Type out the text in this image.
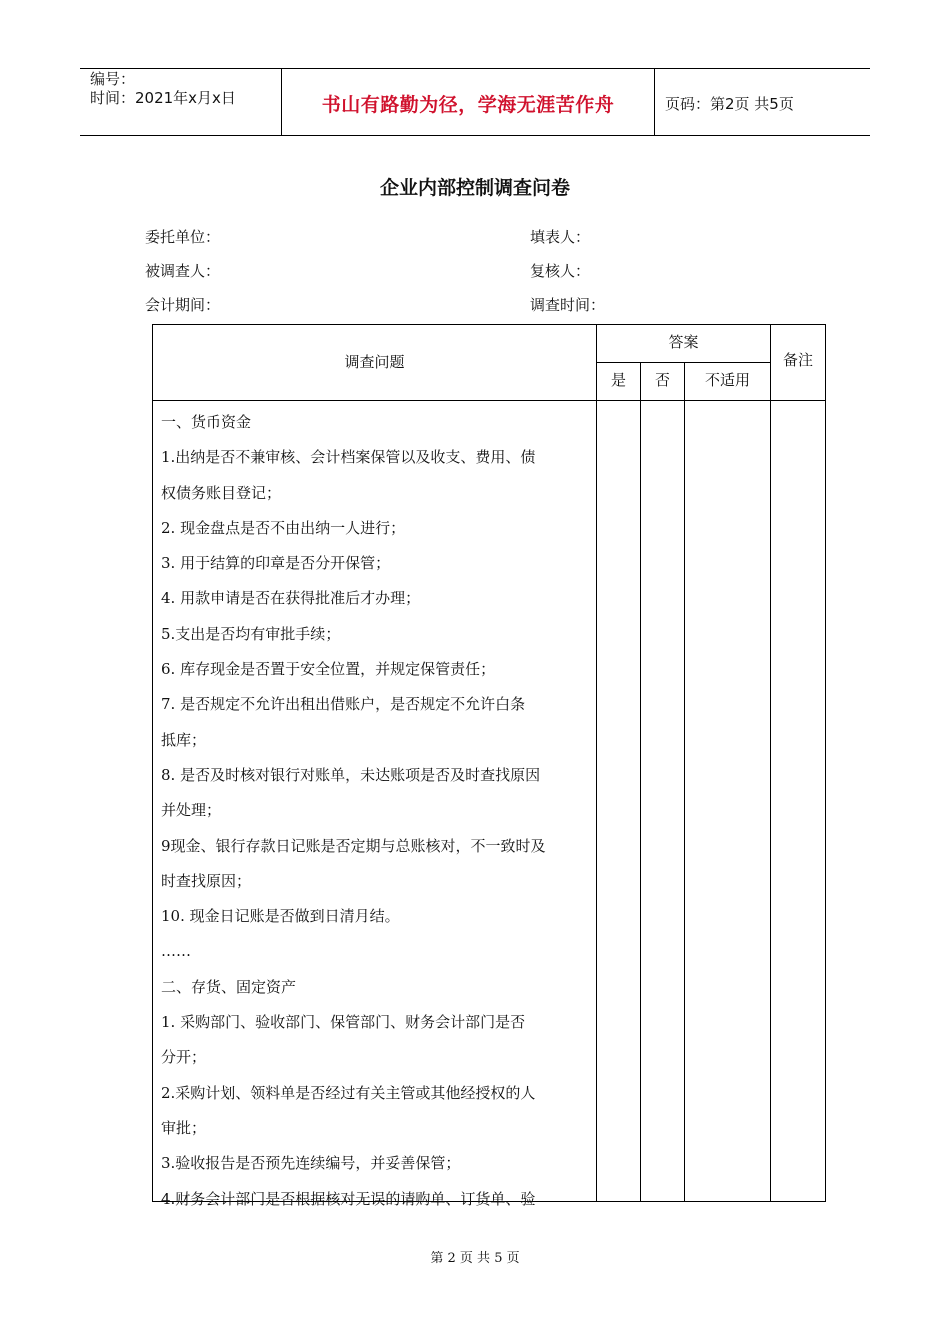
编号：
时间：2021年x月x日	书山有路勤为径，学海无涯苦作舟	页码：第2页 共5页
企业内部控制调查问卷
委托单位：	填表人：
被调查人：	复核人：
会计期间：	调查时间：
调查问题
答案
备注
是	否	不适用
一、货币资金
1.出纳是否不兼审核、会计档案保管以及收支、费用、债
权债务账目登记；
2. 现金盘点是否不由出纳一人进行；
3. 用于结算的印章是否分开保管；
4. 用款申请是否在获得批准后才办理；
5.支出是否均有审批手续；
6. 库存现金是否置于安全位置，并规定保管责任；
7. 是否规定不允许出租出借账户，是否规定不允许白条
抵库；
8. 是否及时核对银行对账单，未达账项是否及时查找原因
并处理；
9现金、银行存款日记账是否定期与总账核对，不一致时及
时查找原因；
10. 现金日记账是否做到日清月结。
……
二、存货、固定资产
1. 采购部门、验收部门、保管部门、财务会计部门是否
分开；
2.采购计划、领料单是否经过有关主管或其他经授权的人
审批；
3.验收报告是否预先连续编号，并妥善保管；
4.财务会计部门是否根据核对无误的请购单、订货单、验
第 2 页 共 5 页
